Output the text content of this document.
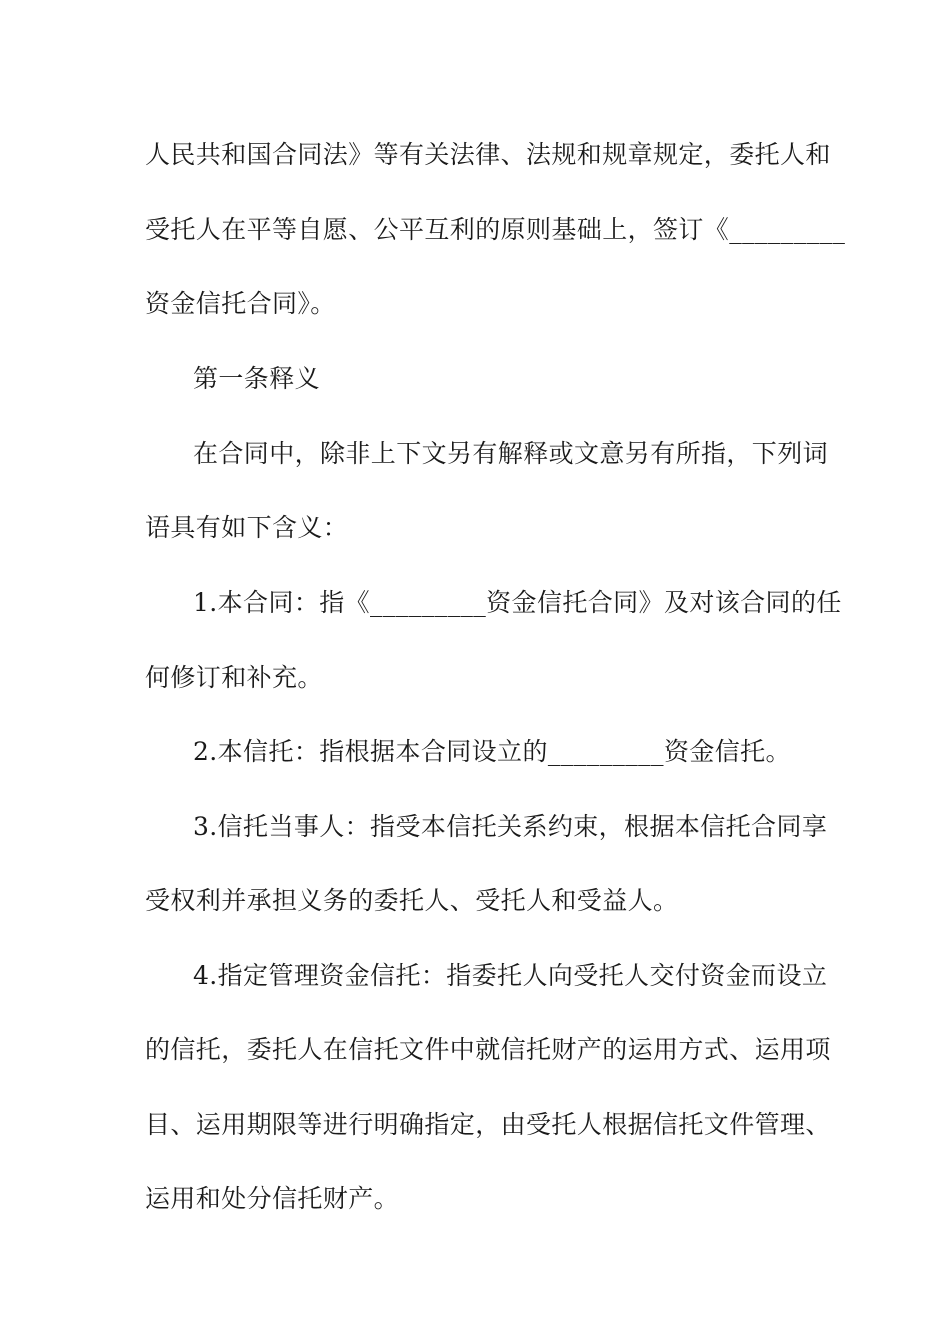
人民共和国合同法》等有关法律、法规和规章规定，委托人和
受托人在平等自愿、公平互利的原则基础上，签订《_________
资金信托合同》。
第一条释义
在合同中，除非上下文另有解释或文意另有所指，下列词
语具有如下含义：
1.本合同：指《_________资金信托合同》及对该合同的任
何修订和补充。
2.本信托：指根据本合同设立的_________资金信托。
3.信托当事人：指受本信托关系约束，根据本信托合同享
受权利并承担义务的委托人、受托人和受益人。
4.指定管理资金信托：指委托人向受托人交付资金而设立
的信托，委托人在信托文件中就信托财产的运用方式、运用项
目、运用期限等进行明确指定，由受托人根据信托文件管理、
运用和处分信托财产。
